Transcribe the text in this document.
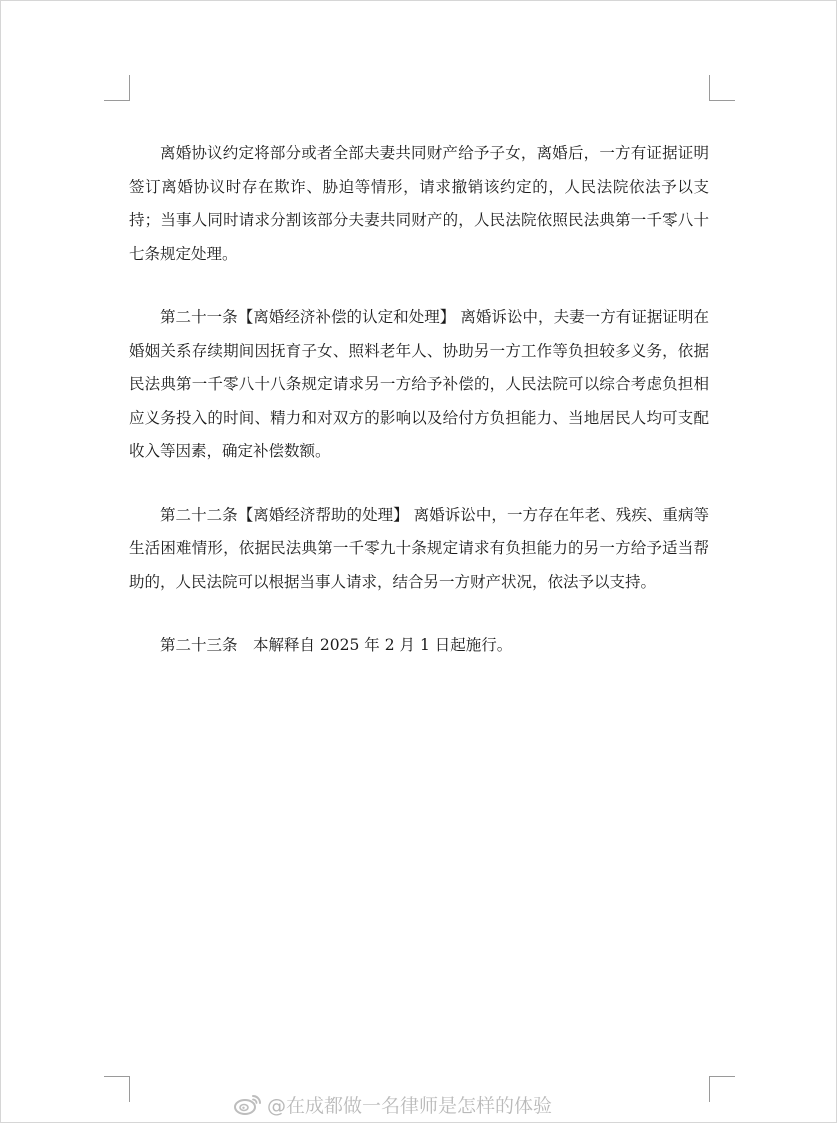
离婚协议约定将部分或者全部夫妻共同财产给予子女，离婚后，一方有证据证明签订离婚协议时存在欺诈、胁迫等情形，请求撤销该约定的，人民法院依法予以支持；当事人同时请求分割该部分夫妻共同财产的，人民法院依照民法典第一千零八十七条规定处理。

第二十一条【离婚经济补偿的认定和处理】 离婚诉讼中，夫妻一方有证据证明在婚姻关系存续期间因抚育子女、照料老年人、协助另一方工作等负担较多义务，依据民法典第一千零八十八条规定请求另一方给予补偿的，人民法院可以综合考虑负担相应义务投入的时间、精力和对双方的影响以及给付方负担能力、当地居民人均可支配收入等因素，确定补偿数额。

第二十二条【离婚经济帮助的处理】 离婚诉讼中，一方存在年老、残疾、重病等生活困难情形，依据民法典第一千零九十条规定请求有负担能力的另一方给予适当帮助的，人民法院可以根据当事人请求，结合另一方财产状况，依法予以支持。

第二十三条　本解释自 2025 年 2 月 1 日起施行。

@在成都做一名律师是怎样的体验
